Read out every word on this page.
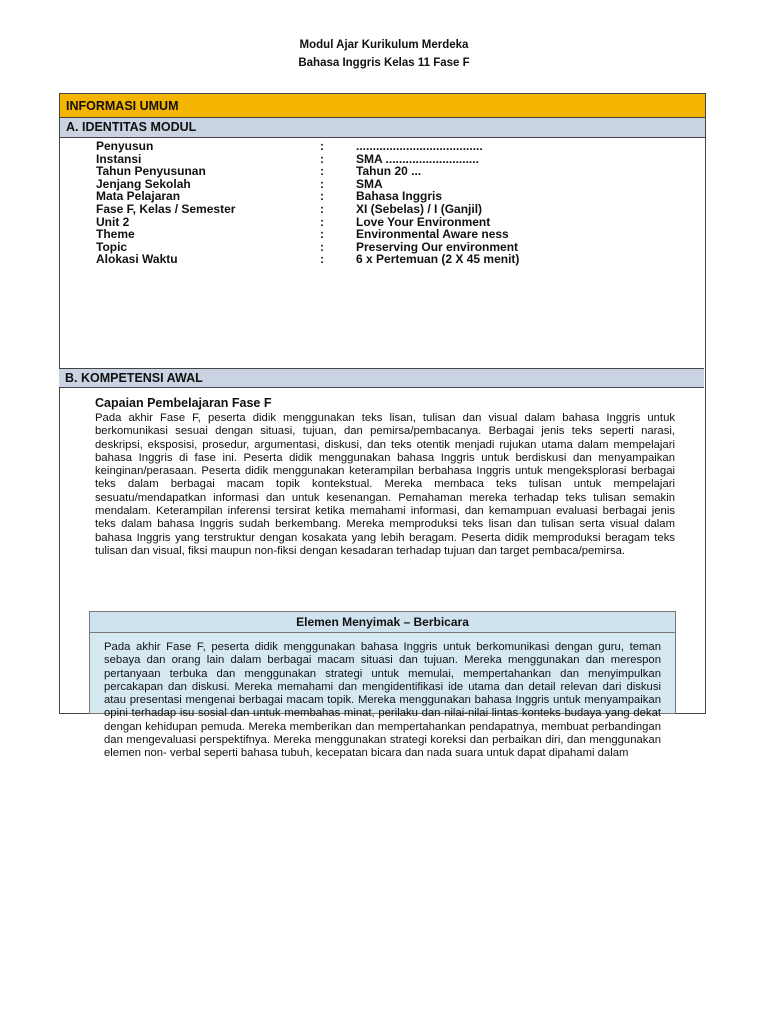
Modul Ajar Kurikulum Merdeka
Bahasa Inggris Kelas 11 Fase F
INFORMASI UMUM
A. IDENTITAS MODUL
Penyusun	:	......................................
Instansi	:	SMA ............................
Tahun Penyusunan	:	Tahun 20 ...
Jenjang Sekolah	:	SMA
Mata Pelajaran	:	Bahasa Inggris
Fase F, Kelas / Semester	:	XI (Sebelas) / I (Ganjil)
Unit 2	:	Love Your Environment
Theme	:	Environmental Aware ness
Topic	:	Preserving Our environment
Alokasi Waktu	:	6 x Pertemuan (2 X 45 menit)
B. KOMPETENSI AWAL
Capaian Pembelajaran Fase F
Pada akhir Fase F, peserta didik menggunakan teks lisan, tulisan dan visual dalam bahasa Inggris untuk berkomunikasi sesuai dengan situasi, tujuan, dan pemirsa/pembacanya. Berbagai jenis teks seperti narasi, deskripsi, eksposisi, prosedur, argumentasi, diskusi, dan teks otentik menjadi rujukan utama dalam mempelajari bahasa Inggris di fase ini. Peserta didik menggunakan bahasa Inggris untuk berdiskusi dan menyampaikan keinginan/perasaan. Peserta didik menggunakan keterampilan berbahasa Inggris untuk mengeksplorasi berbagai teks dalam berbagai macam topik kontekstual. Mereka membaca teks tulisan untuk mempelajari sesuatu/mendapatkan informasi dan untuk kesenangan. Pemahaman mereka terhadap teks tulisan semakin mendalam. Keterampilan inferensi tersirat ketika memahami informasi, dan kemampuan evaluasi berbagai jenis teks dalam bahasa Inggris sudah berkembang. Mereka memproduksi teks lisan dan tulisan serta visual dalam bahasa Inggris yang terstruktur dengan kosakata yang lebih beragam. Peserta didik memproduksi beragam teks tulisan dan visual, fiksi maupun non-fiksi dengan kesadaran terhadap tujuan dan target pembaca/pemirsa.
Elemen Menyimak – Berbicara
Pada akhir Fase F, peserta didik menggunakan bahasa Inggris untuk berkomunikasi dengan guru, teman sebaya dan orang lain dalam berbagai macam situasi dan tujuan. Mereka menggunakan dan merespon pertanyaan terbuka dan menggunakan strategi untuk memulai, mempertahankan dan menyimpulkan percakapan dan diskusi. Mereka memahami dan mengidentifikasi ide utama dan detail relevan dari diskusi atau presentasi mengenai berbagai macam topik. Mereka menggunakan bahasa Inggris untuk menyampaikan opini terhadap isu sosial dan untuk membahas minat, perilaku dan nilai-nilai lintas konteks budaya yang dekat dengan kehidupan pemuda. Mereka memberikan dan mempertahankan pendapatnya, membuat perbandingan dan mengevaluasi perspektifnya. Mereka menggunakan strategi koreksi dan perbaikan diri, dan menggunakan elemen non- verbal seperti bahasa tubuh, kecepatan bicara dan nada suara untuk dapat dipahami dalam
